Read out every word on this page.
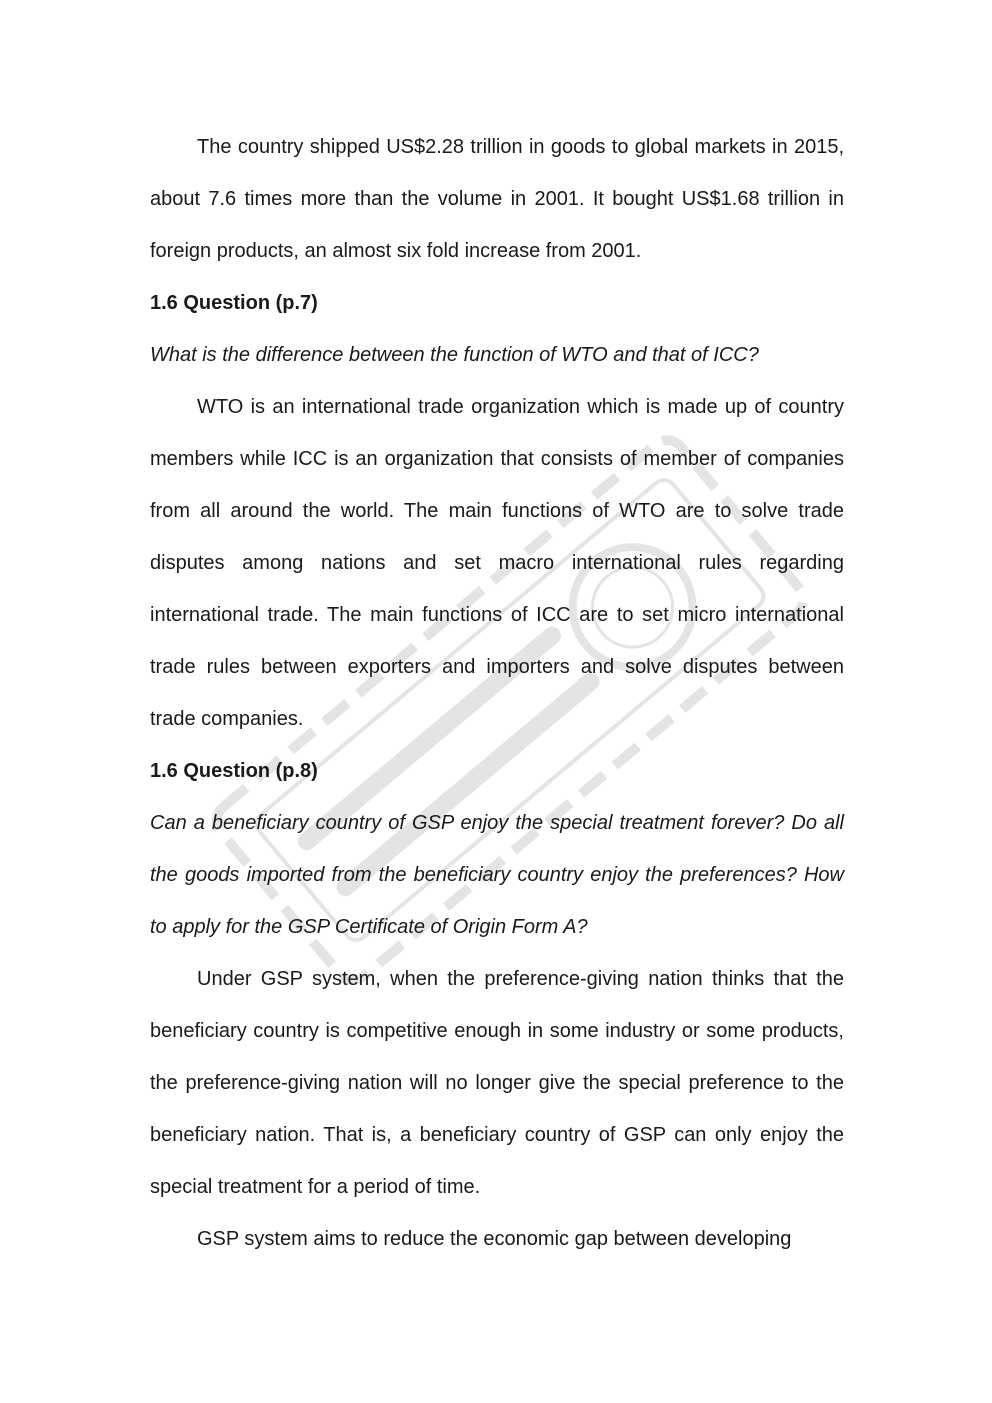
The country shipped US$2.28 trillion in goods to global markets in 2015, about 7.6 times more than the volume in 2001. It bought US$1.68 trillion in foreign products, an almost six fold increase from 2001.

1.6 Question (p.7)

What is the difference between the function of WTO and that of ICC?

WTO is an international trade organization which is made up of country members while ICC is an organization that consists of member of companies from all around the world. The main functions of WTO are to solve trade disputes among nations and set macro international rules regarding international trade. The main functions of ICC are to set micro international trade rules between exporters and importers and solve disputes between trade companies.

1.6 Question (p.8)

Can a beneficiary country of GSP enjoy the special treatment forever? Do all the goods imported from the beneficiary country enjoy the preferences? How to apply for the GSP Certificate of Origin Form A?

Under GSP system, when the preference-giving nation thinks that the beneficiary country is competitive enough in some industry or some products, the preference-giving nation will no longer give the special preference to the beneficiary nation. That is, a beneficiary country of GSP can only enjoy the special treatment for a period of time.

GSP system aims to reduce the economic gap between developing
